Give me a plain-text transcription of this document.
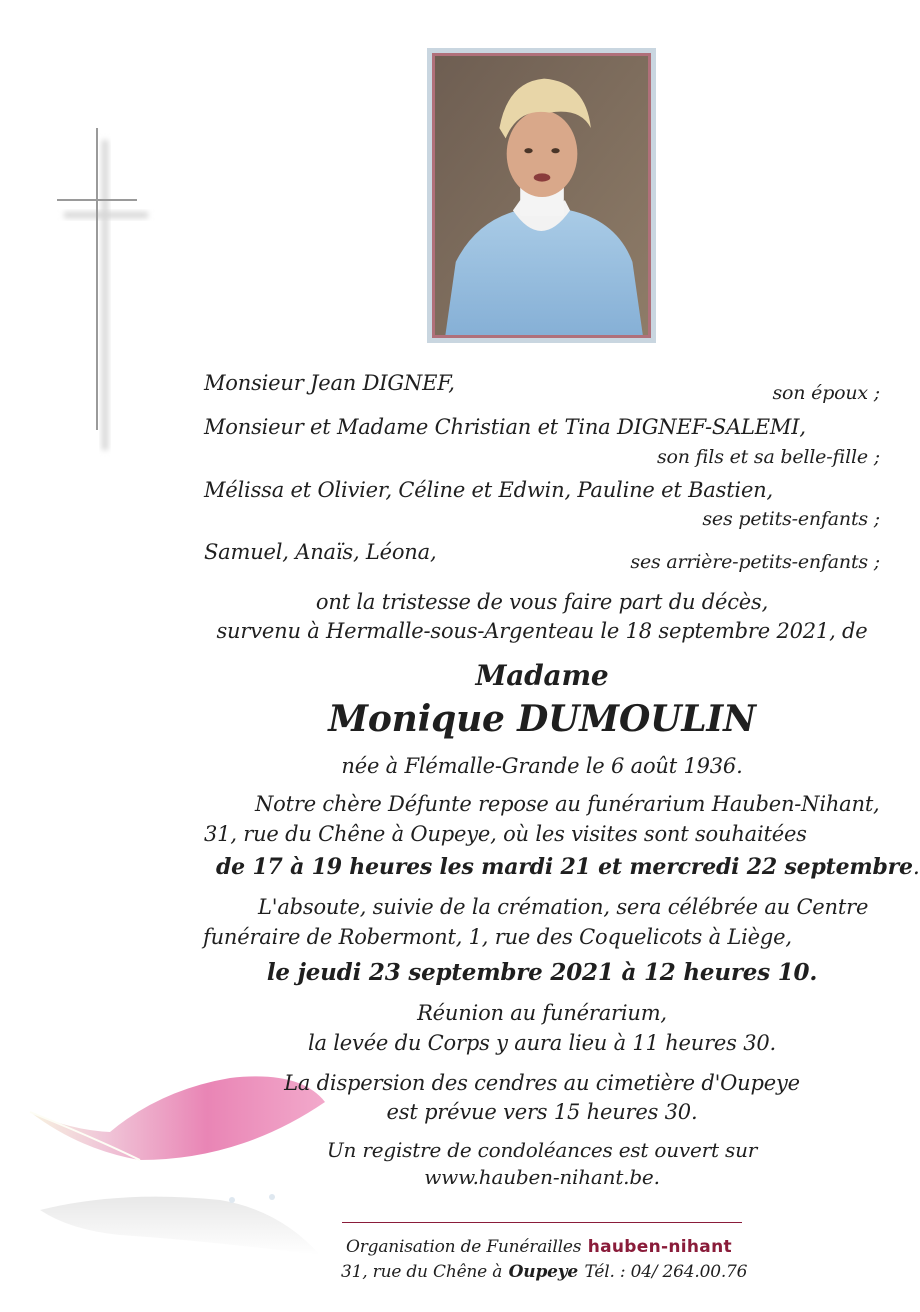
Monsieur Jean DIGNEF,	son époux ;
Monsieur et Madame Christian et Tina DIGNEF-SALEMI,
son fils et sa belle-fille ;
Mélissa et Olivier, Céline et Edwin, Pauline et Bastien,
ses petits-enfants ;
Samuel, Anaïs, Léona,	ses arrière-petits-enfants ;
ont la tristesse de vous faire part du décès,
survenu à Hermalle-sous-Argenteau le 18 septembre 2021, de
Madame
Monique DUMOULIN
née à Flémalle-Grande le 6 août 1936.
Notre chère Défunte repose au funérarium Hauben-Nihant,
31, rue du Chêne à Oupeye, où les visites sont souhaitées
de 17 à 19 heures les mardi 21 et mercredi 22 septembre.
L'absoute, suivie de la crémation, sera célébrée au Centre
funéraire de Robermont, 1, rue des Coquelicots à Liège,
le jeudi 23 septembre 2021 à 12 heures 10.
Réunion au funérarium,
la levée du Corps y aura lieu à 11 heures 30.
La dispersion des cendres au cimetière d'Oupeye
est prévue vers 15 heures 30.
Un registre de condoléances est ouvert sur
www.hauben-nihant.be.
Organisation de Funérailles hauben-nihant
31, rue du Chêne à Oupeye Tél. : 04/ 264.00.76
